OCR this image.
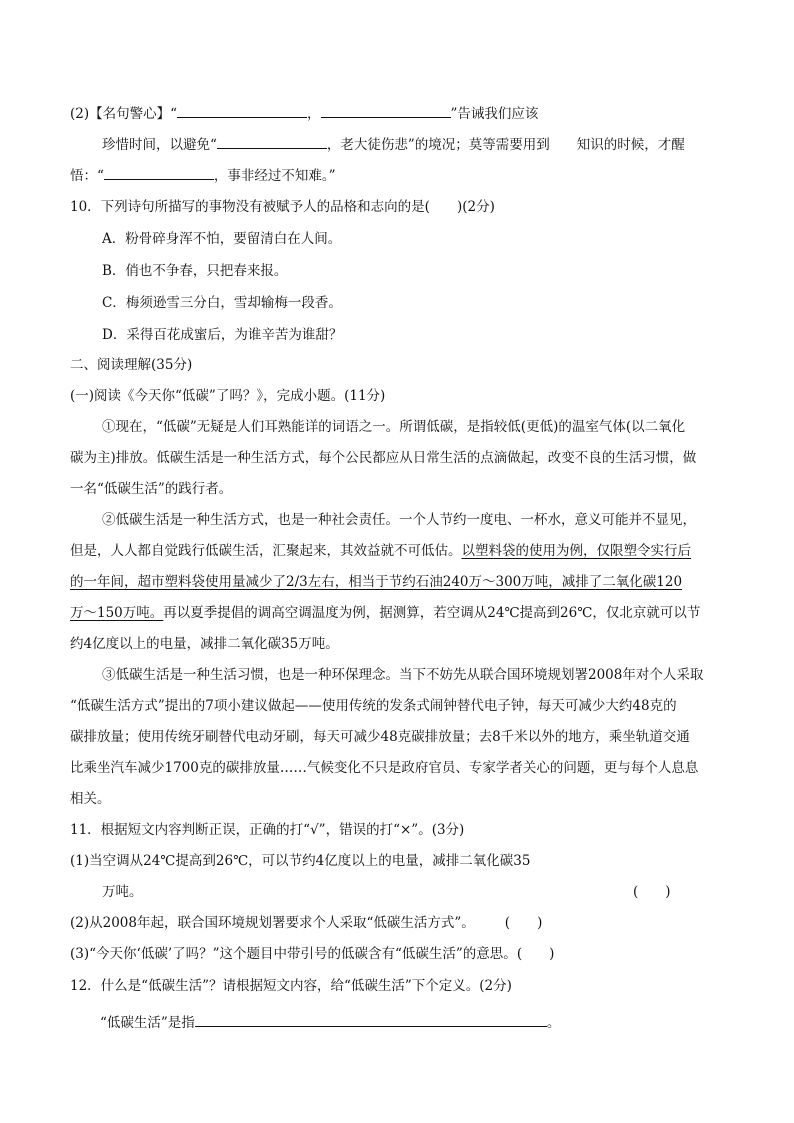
(2)【名句警心】“	，	”告诫我们应该
珍惜时间，以避免“	，老大徒伤悲”的境况；莫等需要用到　　知识的时候，才醒
悟：“	，事非经过不知难。”
10．下列诗句所描写的事物没有被赋予人的品格和志向的是(　　)(2分)
A．粉骨碎身浑不怕，要留清白在人间。
B．俏也不争春，只把春来报。
C．梅须逊雪三分白，雪却输梅一段香。
D．采得百花成蜜后，为谁辛苦为谁甜？
二、阅读理解(35分)
(一)阅读《今天你“低碳”了吗？》，完成小题。(11分)
①现在，“低碳”无疑是人们耳熟能详的词语之一。所谓低碳，是指较低(更低)的温室气体(以二氧化
碳为主)排放。低碳生活是一种生活方式，每个公民都应从日常生活的点滴做起，改变不良的生活习惯，做
一名“低碳生活”的践行者。
②低碳生活是一种生活方式，也是一种社会责任。一个人节约一度电、一杯水，意义可能并不显见，
但是，人人都自觉践行低碳生活，汇聚起来，其效益就不可低估。以塑料袋的使用为例，仅限塑令实行后
的一年间，超市塑料袋使用量减少了2/3左右，相当于节约石油240万～300万吨，减排了二氧化碳120
万～150万吨。再以夏季提倡的调高空调温度为例，据测算，若空调从24℃提高到26℃，仅北京就可以节
约4亿度以上的电量，减排二氧化碳35万吨。
③低碳生活是一种生活习惯，也是一种环保理念。当下不妨先从联合国环境规划署2008年对个人采取
“低碳生活方式”提出的7项小建议做起——使用传统的发条式闹钟替代电子钟，每天可减少大约48克的
碳排放量；使用传统牙刷替代电动牙刷，每天可减少48克碳排放量；去8千米以外的地方，乘坐轨道交通
比乘坐汽车减少1700克的碳排放量……气候变化不只是政府官员、专家学者关心的问题，更与每个人息息
相关。
11．根据短文内容判断正误，正确的打“√”，错误的打“×”。(3分)
(1)当空调从24℃提高到26℃，可以节约4亿度以上的电量，减排二氧化碳35
万吨。	(　　)
(2)从2008年起，联合国环境规划署要求个人采取“低碳生活方式”。 (　　)
(3)“今天你‘低碳’了吗？”这个题目中带引号的低碳含有“低碳生活”的意思。(　　)
12．什么是“低碳生活”？请根据短文内容，给“低碳生活”下个定义。(2分)
“低碳生活”是指	。
